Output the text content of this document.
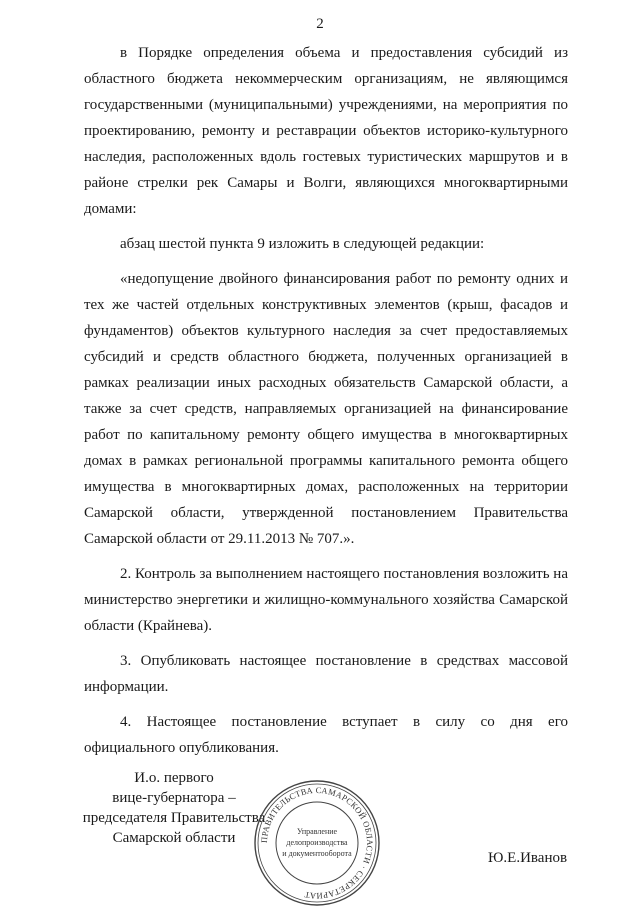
2

в Порядке определения объема и предоставления субсидий из областного бюджета некоммерческим организациям, не являющимся государственными (муниципальными) учреждениями, на мероприятия по проектированию, ремонту и реставрации объектов историко-культурного наследия, расположенных вдоль гостевых туристических маршрутов и в районе стрелки рек Самары и Волги, являющихся многоквартирными домами:

абзац шестой пункта 9 изложить в следующей редакции:

«недопущение двойного финансирования работ по ремонту одних и тех же частей отдельных конструктивных элементов (крыш, фасадов и фундаментов) объектов культурного наследия за счет предоставляемых субсидий и средств областного бюджета, полученных организацией в рамках реализации иных расходных обязательств Самарской области, а также за счет средств, направляемых организацией на финансирование работ по капитальному ремонту общего имущества в многоквартирных домах в рамках региональной программы капитального ремонта общего имущества в многоквартирных домах, расположенных на территории Самарской области, утвержденной постановлением Правительства Самарской области от 29.11.2013 № 707.».

2. Контроль за выполнением настоящего постановления возложить на министерство энергетики и жилищно-коммунального хозяйства Самарской области (Крайнева).

3. Опубликовать настоящее постановление в средствах массовой информации.

4. Настоящее постановление вступает в силу со дня его официального опубликования.

И.о. первого
вице-губернатора –
председателя Правительства
Самарской области	ПРАВИТЕЛЬСТВА САМАРСКОЙ ОБЛАСТИ · СЕКРЕТАРИАТ
Управление
делопроизводства
и документооборота	Ю.Е.Иванов
